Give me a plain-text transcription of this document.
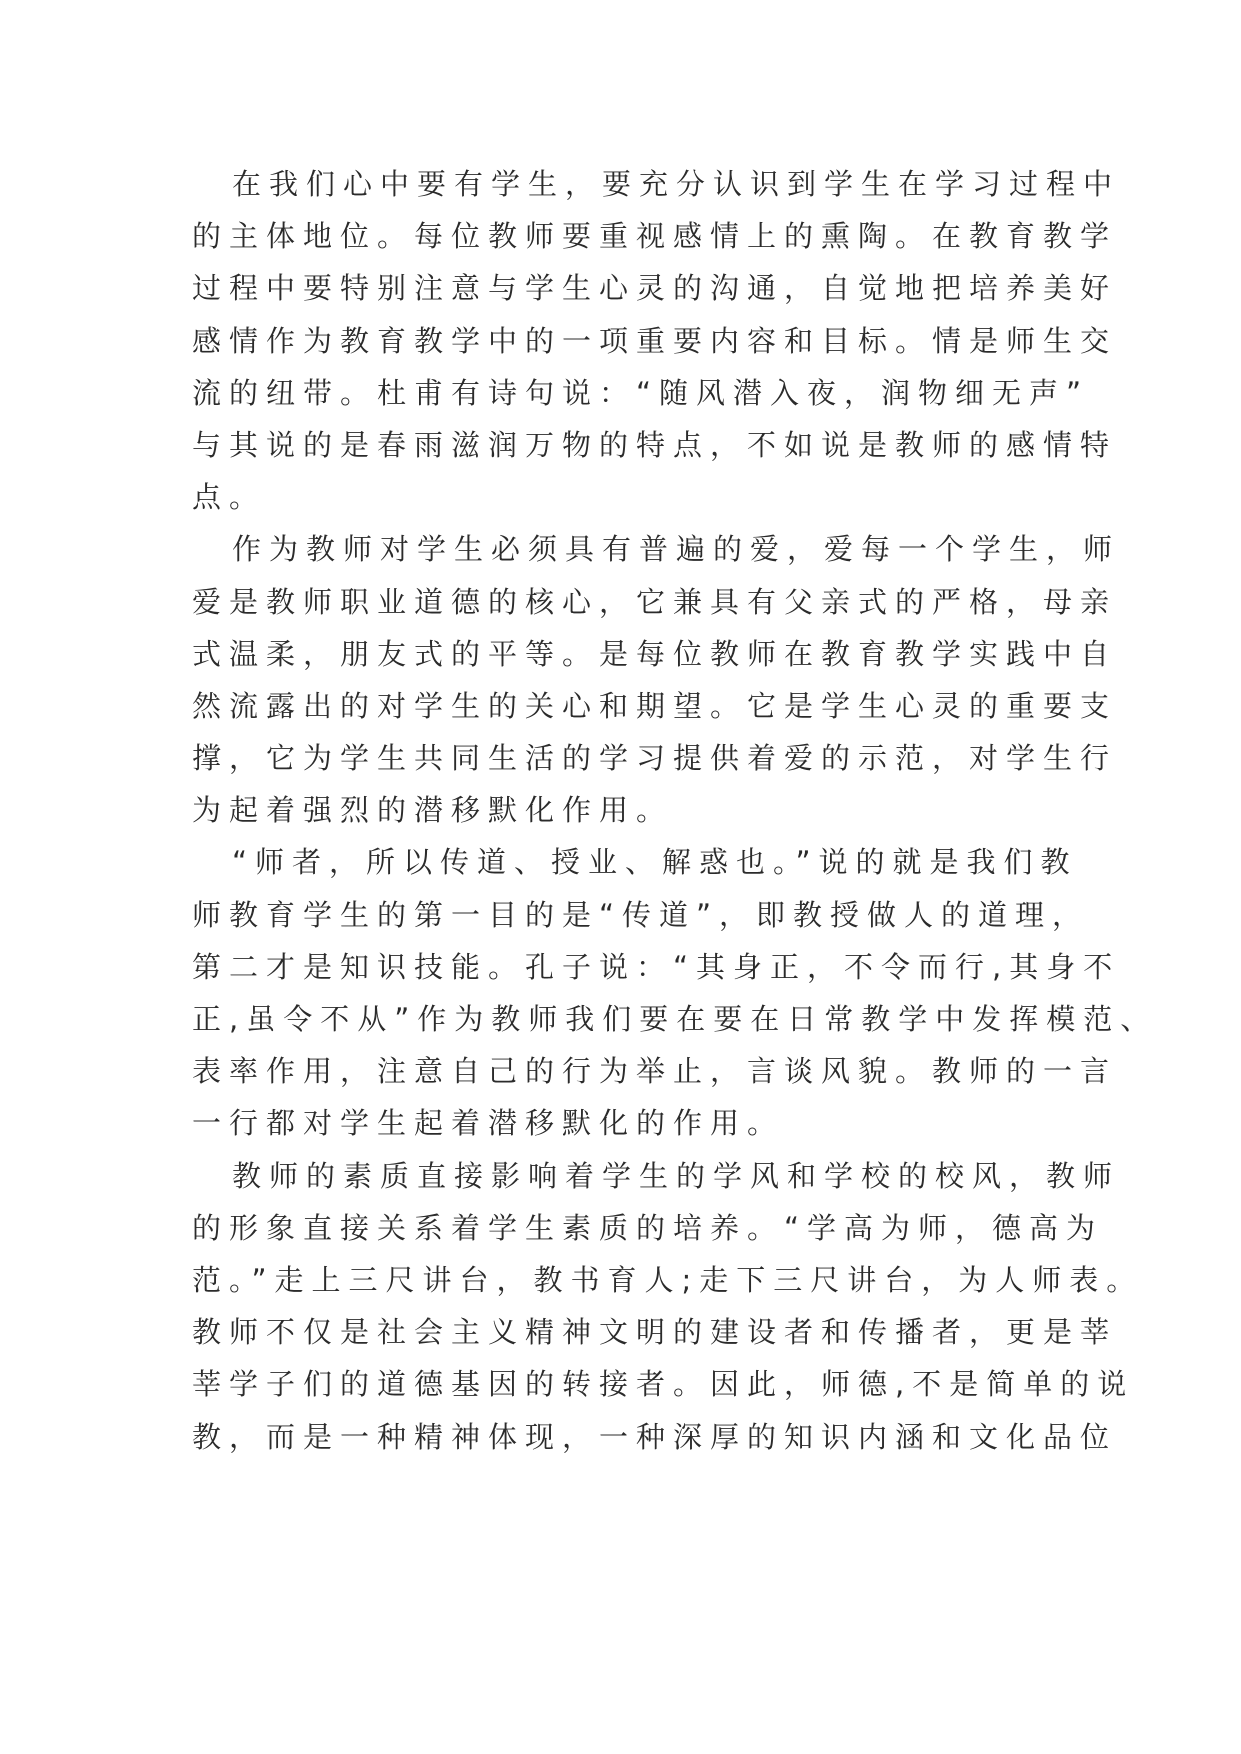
在我们心中要有学生，要充分认识到学生在学习过程中
的主体地位。每位教师要重视感情上的熏陶。在教育教学
过程中要特别注意与学生心灵的沟通，自觉地把培养美好
感情作为教育教学中的一项重要内容和目标。情是师生交
流的纽带。杜甫有诗句说：“随风潜入夜，润物细无声”
与其说的是春雨滋润万物的特点，不如说是教师的感情特
点。
作为教师对学生必须具有普遍的爱，爱每一个学生，师
爱是教师职业道德的核心，它兼具有父亲式的严格，母亲
式温柔，朋友式的平等。是每位教师在教育教学实践中自
然流露出的对学生的关心和期望。它是学生心灵的重要支
撑，它为学生共同生活的学习提供着爱的示范，对学生行
为起着强烈的潜移默化作用。
“师者，所以传道、授业、解惑也。”说的就是我们教
师教育学生的第一目的是“传道”，即教授做人的道理，
第二才是知识技能。孔子说：“其身正，不令而行,其身不
正,虽令不从”作为教师我们要在要在日常教学中发挥模范、
表率作用，注意自己的行为举止，言谈风貌。教师的一言
一行都对学生起着潜移默化的作用。
教师的素质直接影响着学生的学风和学校的校风，教师
的形象直接关系着学生素质的培养。“学高为师，德高为
范。”走上三尺讲台，教书育人;走下三尺讲台，为人师表。
教师不仅是社会主义精神文明的建设者和传播者，更是莘
莘学子们的道德基因的转接者。因此，师德,不是简单的说
教，而是一种精神体现，一种深厚的知识内涵和文化品位
